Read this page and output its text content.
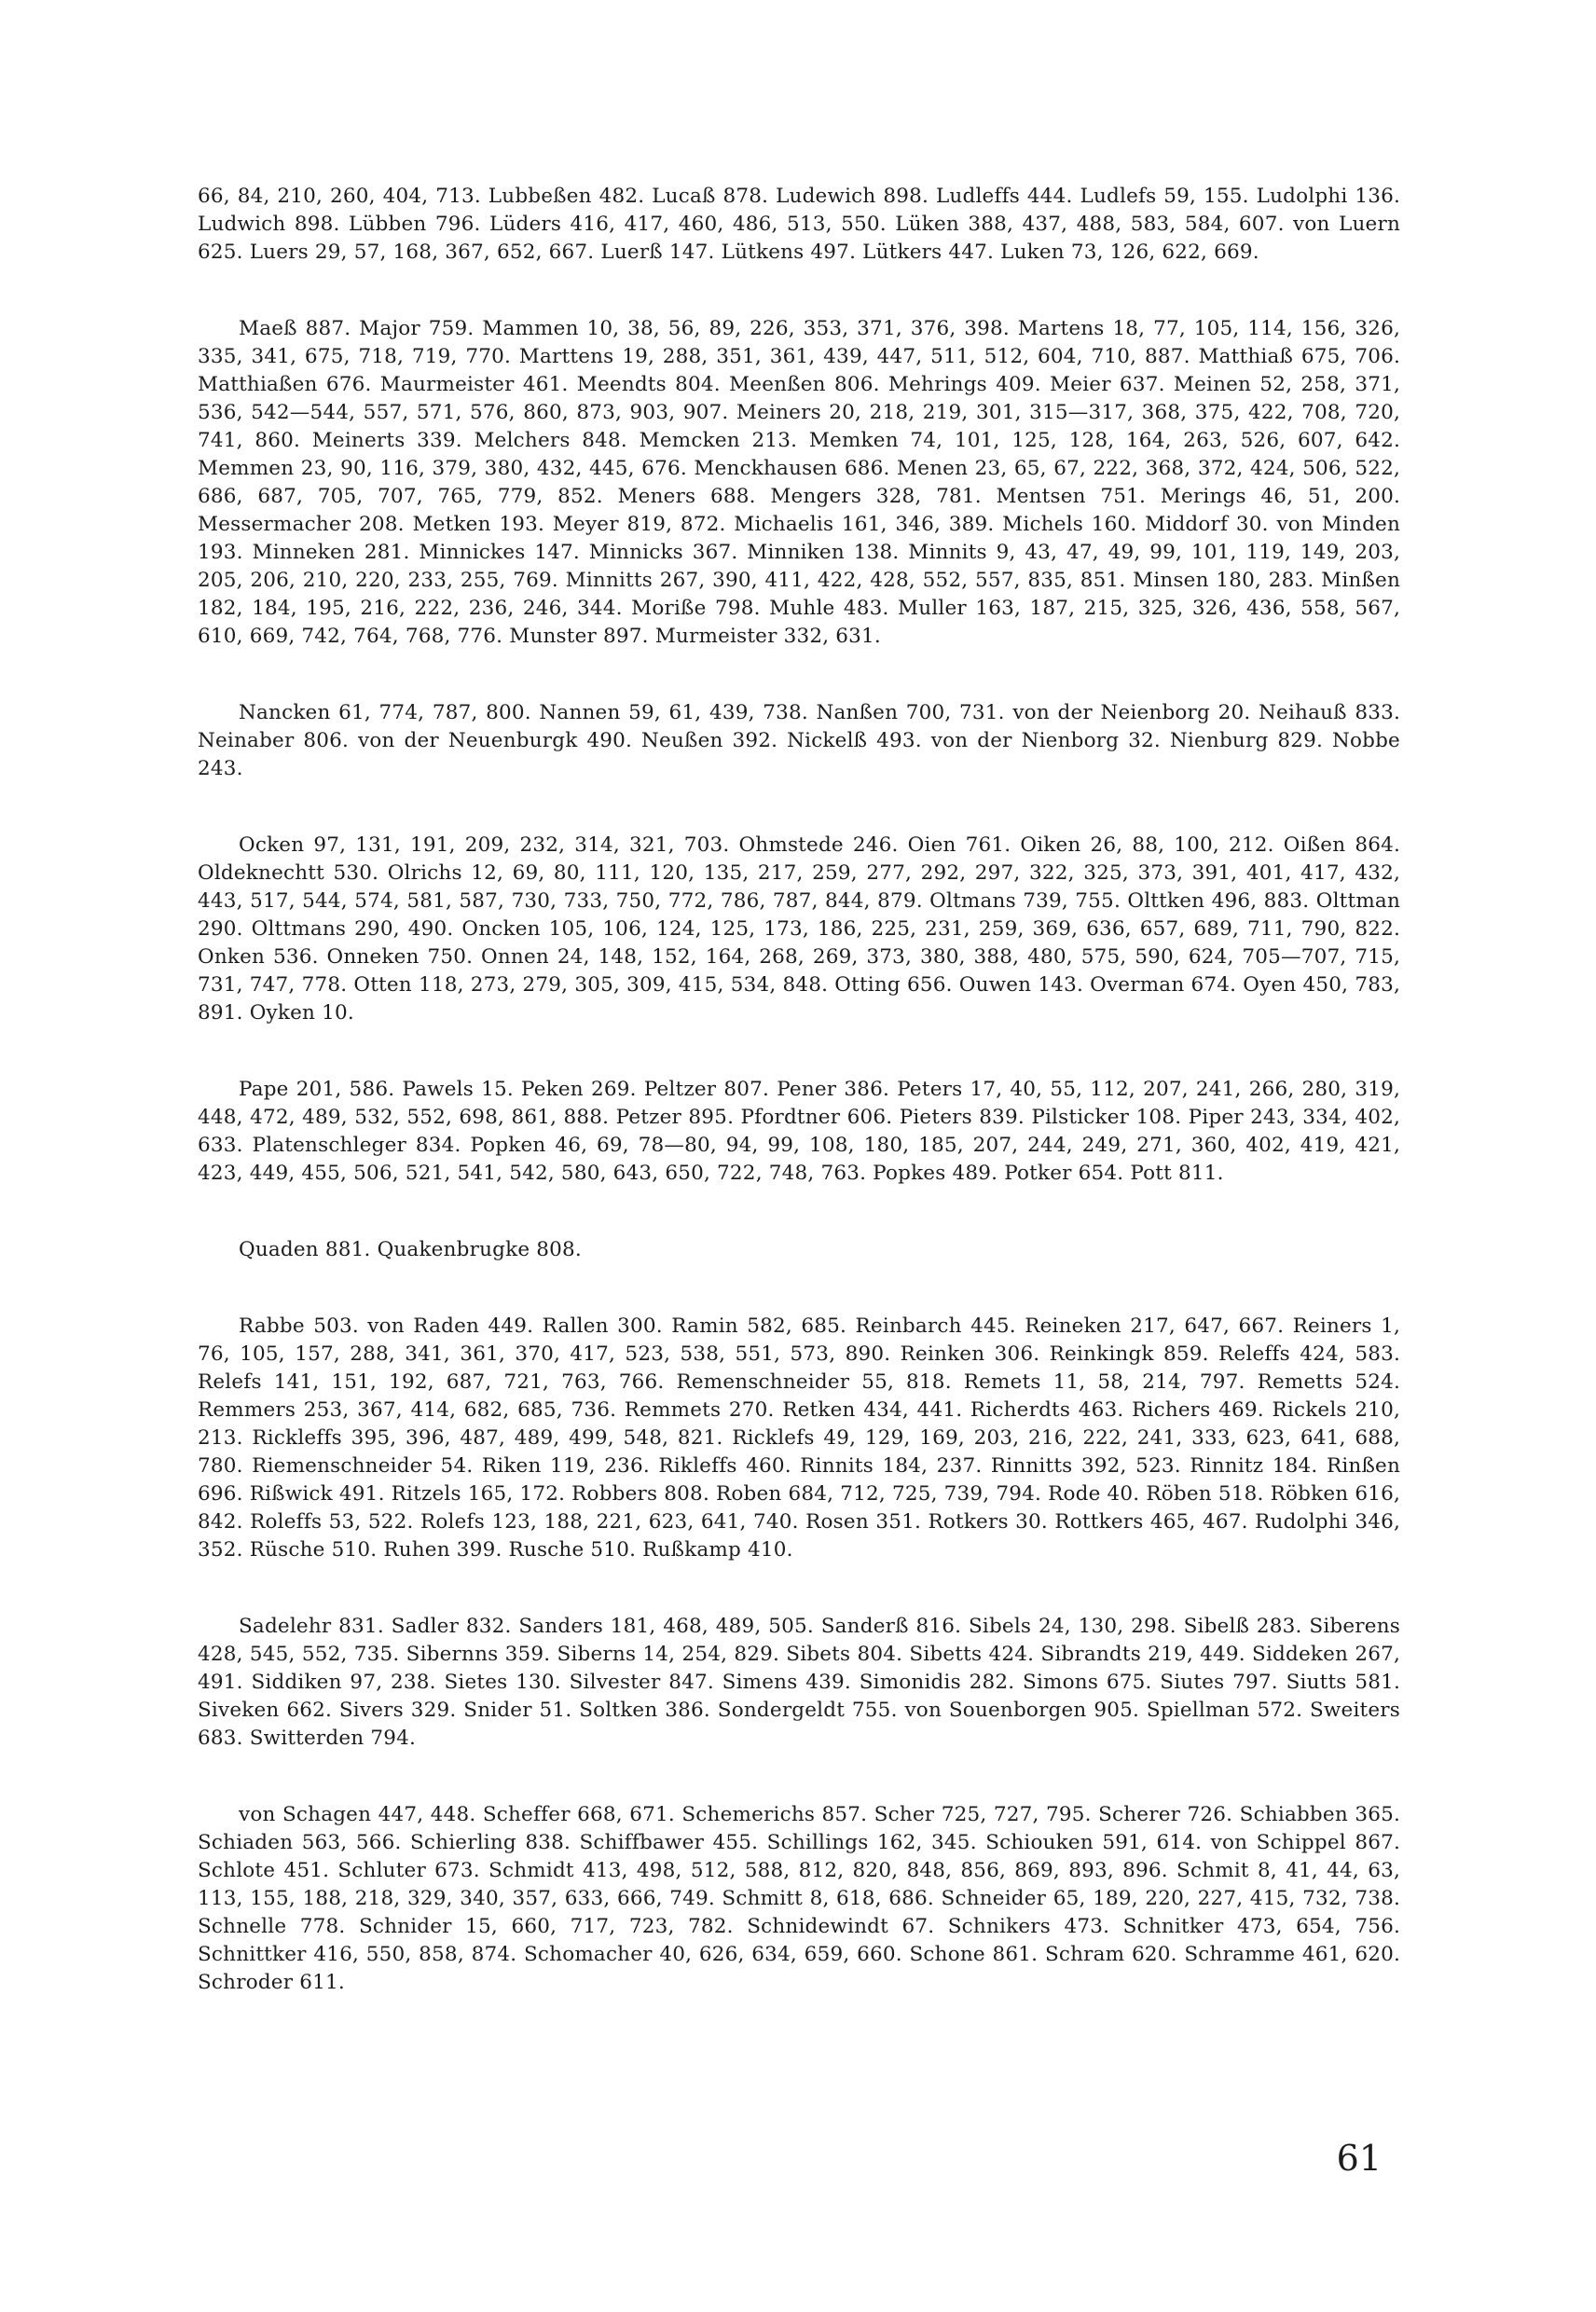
66, 84, 210, 260, 404, 713. Lubbeßen 482. Lucaß 878. Ludewich 898. Ludleffs 444. Ludlefs 59, 155. Ludolphi 136. Ludwich 898. Lübben 796. Lüders 416, 417, 460, 486, 513, 550. Lüken 388, 437, 488, 583, 584, 607. von Luern 625. Luers 29, 57, 168, 367, 652, 667. Luerß 147. Lütkens 497. Lütkers 447. Luken 73, 126, 622, 669.

Maeß 887. Major 759. Mammen 10, 38, 56, 89, 226, 353, 371, 376, 398. Martens 18, 77, 105, 114, 156, 326, 335, 341, 675, 718, 719, 770. Marttens 19, 288, 351, 361, 439, 447, 511, 512, 604, 710, 887. Matthiaß 675, 706. Matthiaßen 676. Maurmeister 461. Meendts 804. Meenßen 806. Mehrings 409. Meier 637. Meinen 52, 258, 371, 536, 542—544, 557, 571, 576, 860, 873, 903, 907. Meiners 20, 218, 219, 301, 315—317, 368, 375, 422, 708, 720, 741, 860. Meinerts 339. Melchers 848. Memcken 213. Memken 74, 101, 125, 128, 164, 263, 526, 607, 642. Memmen 23, 90, 116, 379, 380, 432, 445, 676. Menckhausen 686. Menen 23, 65, 67, 222, 368, 372, 424, 506, 522, 686, 687, 705, 707, 765, 779, 852. Meners 688. Mengers 328, 781. Mentsen 751. Merings 46, 51, 200. Messermacher 208. Metken 193. Meyer 819, 872. Michaelis 161, 346, 389. Michels 160. Middorf 30. von Minden 193. Minneken 281. Minnickes 147. Minnicks 367. Minniken 138. Minnits 9, 43, 47, 49, 99, 101, 119, 149, 203, 205, 206, 210, 220, 233, 255, 769. Minnitts 267, 390, 411, 422, 428, 552, 557, 835, 851. Minsen 180, 283. Minßen 182, 184, 195, 216, 222, 236, 246, 344. Moriße 798. Muhle 483. Muller 163, 187, 215, 325, 326, 436, 558, 567, 610, 669, 742, 764, 768, 776. Munster 897. Murmeister 332, 631.

Nancken 61, 774, 787, 800. Nannen 59, 61, 439, 738. Nanßen 700, 731. von der Neienborg 20. Neihauß 833. Neinaber 806. von der Neuenburgk 490. Neußen 392. Nickelß 493. von der Nienborg 32. Nienburg 829. Nobbe 243.

Ocken 97, 131, 191, 209, 232, 314, 321, 703. Ohmstede 246. Oien 761. Oiken 26, 88, 100, 212. Oißen 864. Oldeknechtt 530. Olrichs 12, 69, 80, 111, 120, 135, 217, 259, 277, 292, 297, 322, 325, 373, 391, 401, 417, 432, 443, 517, 544, 574, 581, 587, 730, 733, 750, 772, 786, 787, 844, 879. Oltmans 739, 755. Olttken 496, 883. Olttman 290. Olttmans 290, 490. Oncken 105, 106, 124, 125, 173, 186, 225, 231, 259, 369, 636, 657, 689, 711, 790, 822. Onken 536. Onneken 750. Onnen 24, 148, 152, 164, 268, 269, 373, 380, 388, 480, 575, 590, 624, 705—707, 715, 731, 747, 778. Otten 118, 273, 279, 305, 309, 415, 534, 848. Otting 656. Ouwen 143. Overman 674. Oyen 450, 783, 891. Oyken 10.

Pape 201, 586. Pawels 15. Peken 269. Peltzer 807. Pener 386. Peters 17, 40, 55, 112, 207, 241, 266, 280, 319, 448, 472, 489, 532, 552, 698, 861, 888. Petzer 895. Pfordtner 606. Pieters 839. Pilsticker 108. Piper 243, 334, 402, 633. Platenschleger 834. Popken 46, 69, 78—80, 94, 99, 108, 180, 185, 207, 244, 249, 271, 360, 402, 419, 421, 423, 449, 455, 506, 521, 541, 542, 580, 643, 650, 722, 748, 763. Popkes 489. Potker 654. Pott 811.

Quaden 881. Quakenbrugke 808.

Rabbe 503. von Raden 449. Rallen 300. Ramin 582, 685. Reinbarch 445. Reineken 217, 647, 667. Reiners 1, 76, 105, 157, 288, 341, 361, 370, 417, 523, 538, 551, 573, 890. Reinken 306. Reinkingk 859. Releffs 424, 583. Relefs 141, 151, 192, 687, 721, 763, 766. Remenschneider 55, 818. Remets 11, 58, 214, 797. Remetts 524. Remmers 253, 367, 414, 682, 685, 736. Remmets 270. Retken 434, 441. Richerdts 463. Richers 469. Rickels 210, 213. Rickleffs 395, 396, 487, 489, 499, 548, 821. Ricklefs 49, 129, 169, 203, 216, 222, 241, 333, 623, 641, 688, 780. Riemenschneider 54. Riken 119, 236. Rikleffs 460. Rinnits 184, 237. Rinnitts 392, 523. Rinnitz 184. Rinßen 696. Rißwick 491. Ritzels 165, 172. Robbers 808. Roben 684, 712, 725, 739, 794. Rode 40. Röben 518. Röbken 616, 842. Roleffs 53, 522. Rolefs 123, 188, 221, 623, 641, 740. Rosen 351. Rotkers 30. Rottkers 465, 467. Rudolphi 346, 352. Rüsche 510. Ruhen 399. Rusche 510. Rußkamp 410.

Sadelehr 831. Sadler 832. Sanders 181, 468, 489, 505. Sanderß 816. Sibels 24, 130, 298. Sibelß 283. Siberens 428, 545, 552, 735. Sibernns 359. Siberns 14, 254, 829. Sibets 804. Sibetts 424. Sibrandts 219, 449. Siddeken 267, 491. Siddiken 97, 238. Sietes 130. Silvester 847. Simens 439. Simonidis 282. Simons 675. Siutes 797. Siutts 581. Siveken 662. Sivers 329. Snider 51. Soltken 386. Sondergeldt 755. von Souenborgen 905. Spiellman 572. Sweiters 683. Switterden 794.

von Schagen 447, 448. Scheffer 668, 671. Schemerichs 857. Scher 725, 727, 795. Scherer 726. Schiabben 365. Schiaden 563, 566. Schierling 838. Schiffbawer 455. Schillings 162, 345. Schiouken 591, 614. von Schippel 867. Schlote 451. Schluter 673. Schmidt 413, 498, 512, 588, 812, 820, 848, 856, 869, 893, 896. Schmit 8, 41, 44, 63, 113, 155, 188, 218, 329, 340, 357, 633, 666, 749. Schmitt 8, 618, 686. Schneider 65, 189, 220, 227, 415, 732, 738. Schnelle 778. Schnider 15, 660, 717, 723, 782. Schnidewindt 67. Schnikers 473. Schnitker 473, 654, 756. Schnittker 416, 550, 858, 874. Schomacher 40, 626, 634, 659, 660. Schone 861. Schram 620. Schramme 461, 620. Schroder 611.

61
